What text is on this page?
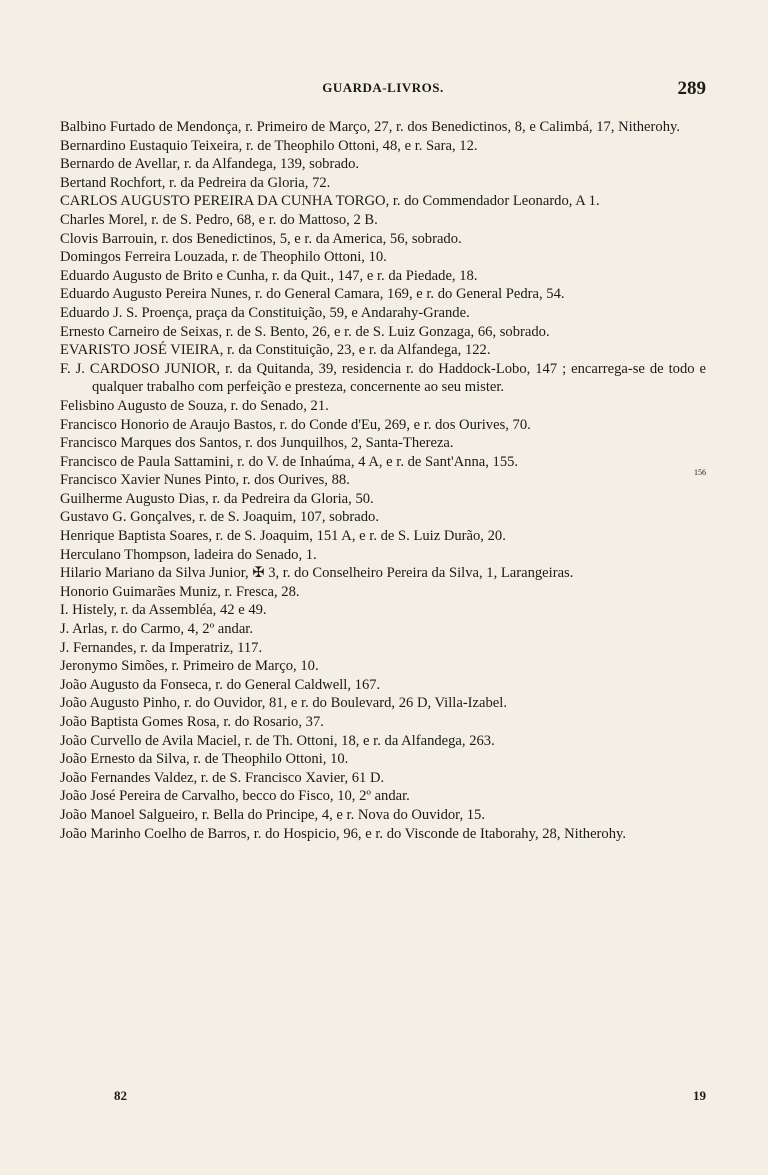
GUARDA-LIVROS.	289

Balbino Furtado de Mendonça, r. Primeiro de Março, 27, r. dos Benedictinos, 8, e Calimbá, 17, Nitherohy.

Bernardino Eustaquio Teixeira, r. de Theophilo Ottoni, 48, e r. Sara, 12.

Bernardo de Avellar, r. da Alfandega, 139, sobrado.

Bertand Rochfort, r. da Pedreira da Gloria, 72.

CARLOS AUGUSTO PEREIRA DA CUNHA TORGO, r. do Commendador Leonardo, A 1.

Charles Morel, r. de S. Pedro, 68, e r. do Mattoso, 2 B.

Clovis Barrouin, r. dos Benedictinos, 5, e r. da America, 56, sobrado.

Domingos Ferreira Louzada, r. de Theophilo Ottoni, 10.

Eduardo Augusto de Brito e Cunha, r. da Quit., 147, e r. da Piedade, 18.

Eduardo Augusto Pereira Nunes, r. do General Camara, 169, e r. do General Pedra, 54.

Eduardo J. S. Proença, praça da Constituição, 59, e Andarahy-Grande.

Ernesto Carneiro de Seixas, r. de S. Bento, 26, e r. de S. Luiz Gonzaga, 66, sobrado.

EVARISTO JOSÉ VIEIRA, r. da Constituição, 23, e r. da Alfandega, 122.

F. J. CARDOSO JUNIOR, r. da Quitanda, 39, residencia r. do Haddock-Lobo, 147 ; encarrega-se de todo e qualquer trabalho com perfeição e presteza, concernente ao seu mister.

Felisbino Augusto de Souza, r. do Senado, 21.

Francisco Honorio de Araujo Bastos, r. do Conde d'Eu, 269, e r. dos Ourives, 70.

Francisco Marques dos Santos, r. dos Junquilhos, 2, Santa-Thereza.

Francisco de Paula Sattamini, r. do V. de Inhaúma, 4 A, e r. de Sant'Anna, 155.

Francisco Xavier Nunes Pinto, r. dos Ourives, 88.

Guilherme Augusto Dias, r. da Pedreira da Gloria, 50.

Gustavo G. Gonçalves, r. de S. Joaquim, 107, sobrado.

Henrique Baptista Soares, r. de S. Joaquim, 151 A, e r. de S. Luiz Durão, 20.

Herculano Thompson, ladeira do Senado, 1.

Hilario Mariano da Silva Junior, ✠ 3, r. do Conselheiro Pereira da Silva, 1, Larangeiras.

Honorio Guimarães Muniz, r. Fresca, 28.

I. Histely, r. da Assembléa, 42 e 49.

J. Arlas, r. do Carmo, 4, 2º andar.

J. Fernandes, r. da Imperatriz, 117.

Jeronymo Simões, r. Primeiro de Março, 10.

João Augusto da Fonseca, r. do General Caldwell, 167.

João Augusto Pinho, r. do Ouvidor, 81, e r. do Boulevard, 26 D, Villa-Izabel.

João Baptista Gomes Rosa, r. do Rosario, 37.

João Curvello de Avila Maciel, r. de Th. Ottoni, 18, e r. da Alfandega, 263.

João Ernesto da Silva, r. de Theophilo Ottoni, 10.

João Fernandes Valdez, r. de S. Francisco Xavier, 61 D.

João José Pereira de Carvalho, becco do Fisco, 10, 2º andar.

João Manoel Salgueiro, r. Bella do Principe, 4, e r. Nova do Ouvidor, 15.

João Marinho Coelho de Barros, r. do Hospicio, 96, e r. do Visconde de Itaborahy, 28, Nitherohy.

156
82	19
